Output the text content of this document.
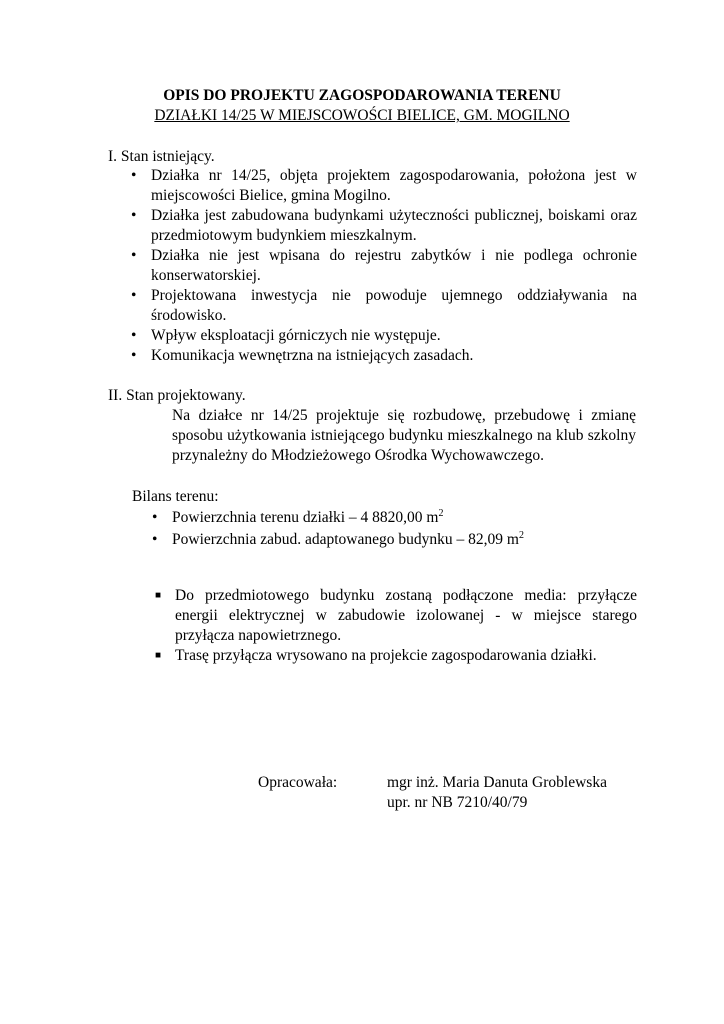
OPIS DO PROJEKTU ZAGOSPODAROWANIA TERENU
DZIAŁKI 14/25 W MIEJSCOWOŚCI BIELICE, GM. MOGILNO
I. Stan istniejący.
• Działka nr 14/25, objęta projektem zagospodarowania, położona jest w miejscowości Bielice, gmina Mogilno.
• Działka jest zabudowana budynkami użyteczności publicznej, boiskami oraz przedmiotowym budynkiem mieszkalnym.
• Działka nie jest wpisana do rejestru zabytków i nie podlega ochronie konserwatorskiej.
• Projektowana inwestycja nie powoduje ujemnego oddziaływania na środowisko.
• Wpływ eksploatacji górniczych nie występuje.
• Komunikacja wewnętrzna na istniejących zasadach.
II. Stan projektowany.
Na działce nr 14/25 projektuje się rozbudowę, przebudowę i zmianę sposobu użytkowania istniejącego budynku mieszkalnego na klub szkolny przynależny do Młodzieżowego Ośrodka Wychowawczego.
Bilans terenu:
• Powierzchnia terenu działki – 4 8820,00 $m^2$
• Powierzchnia zabud. adaptowanego budynku – 82,09 $m^2$
■ Do przedmiotowego budynku zostaną podłączone media: przyłącze energii elektrycznej w zabudowie izolowanej - w miejsce starego przyłącza napowietrznego.
■ Trasę przyłącza wrysowano na projekcie zagospodarowania działki.
Opracowała:	mgr inż. Maria Danuta Groblewska
upr. nr NB 7210/40/79
